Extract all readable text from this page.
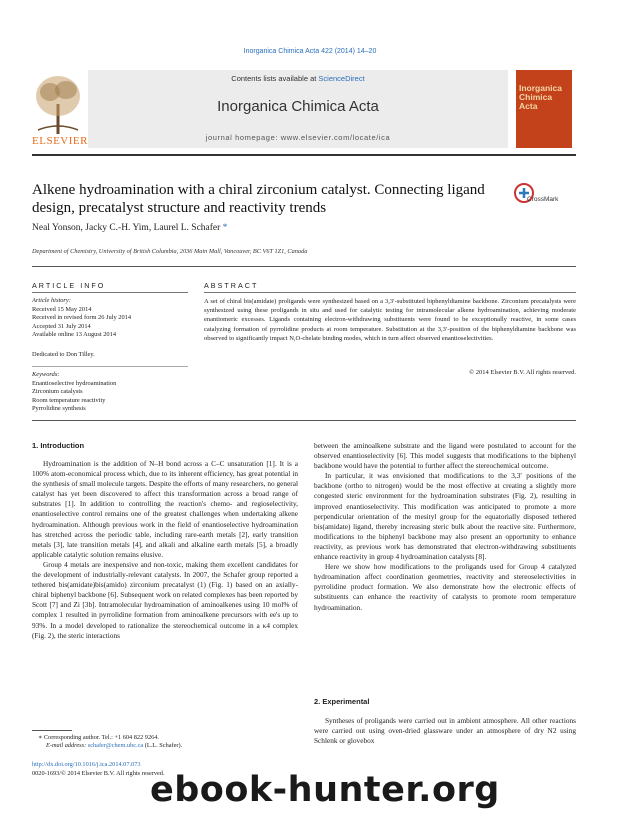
Inorganica Chimica Acta 422 (2014) 14–20
Contents lists available at ScienceDirect
Inorganica Chimica Acta
journal homepage: www.elsevier.com/locate/ica
ELSEVIER
Inorganica Chimica Acta
Alkene hydroamination with a chiral zirconium catalyst. Connecting ligand design, precatalyst structure and reactivity trends
CrossMark
Neal Yonson, Jacky C.-H. Yim, Laurel L. Schafer *
Department of Chemistry, University of British Columbia, 2036 Main Mall, Vancouver, BC V6T 1Z1, Canada
ARTICLE INFO
Article history:
Received 15 May 2014
Received in revised form 26 July 2014
Accepted 31 July 2014
Available online 13 August 2014
Dedicated to Don Tilley.
Keywords:
Enantioselective hydroamination
Zirconium catalysts
Room temperature reactivity
Pyrrolidine synthesis
ABSTRACT
A set of chiral bis(amidate) proligands were synthesized based on a 3,3′-substituted biphenyldiamine backbone. Zirconium precatalysts were synthesized using these proligands in situ and used for catalytic testing for intramolecular alkene hydroamination, achieving moderate enantiomeric excesses. Ligands containing electron-withdrawing substituents were found to be exceptionally reactive, in some cases catalyzing formation of pyrrolidine products at room temperature. Substitution at the 3,3′-position of the biphenyldiamine backbone was observed to significantly impact N,O-chelate binding modes, which in turn affect observed enantioselectivities.
© 2014 Elsevier B.V. All rights reserved.
1. Introduction

Hydroamination is the addition of N–H bond across a C–C unsaturation [1]. It is a 100% atom-economical process which, due to its inherent efficiency, has great potential in the synthesis of small molecule targets. Despite the efforts of many researchers, no general catalyst has yet been discovered to affect this transformation across a broad range of substrates [1]. In addition to controlling the reaction's chemo- and regioselectivity, enantioselective control remains one of the greatest challenges when undertaking alkene hydroamination. Although previous work in the field of enantioselective hydroamination has stretched across the periodic table, including rare-earth metals [2], early transition metals [3], late transition metals [4], and alkali and alkaline earth metals [5], a broadly applicable catalytic solution remains elusive.

Group 4 metals are inexpensive and non-toxic, making them excellent candidates for the development of industrially-relevant catalysts. In 2007, the Schafer group reported a tethered bis(amidate)bis(amido) zirconium precatalyst (1) (Fig. 1) based on an axially-chiral biphenyl backbone [6]. Subsequent work on related complexes has been reported by Scott [7] and Zi [3b]. Intramolecular hydroamination of aminoalkenes using 10 mol% of complex 1 resulted in pyrrolidine formation from aminoalkene precursors with ee's up to 93%. In a model developed to rationalize the stereochemical outcome in a κ4 complex (Fig. 2), the steric interactions

between the aminoalkene substrate and the ligand were postulated to account for the observed enantioselectivity [6]. This model suggests that modifications to the biphenyl backbone would have the potential to further affect the stereochemical outcome.

In particular, it was envisioned that modifications to the 3,3′ positions of the backbone (ortho to nitrogen) would be the most effective at creating a slightly more congested steric environment for the hydroamination substrates (Fig. 2), resulting in improved enantioselectivity. This modification was anticipated to promote a more perpendicular orientation of the mesityl group for the equatorially disposed tethered bis(amidate) ligand, thereby increasing steric bulk about the reactive site. Furthermore, modifications to the biphenyl backbone may also present an opportunity to enhance reactivity, as previous work has demonstrated that electron-withdrawing substituents enhance reactivity in group 4 hydroamination catalysts [8].

Here we show how modifications to the proligands used for Group 4 catalyzed hydroamination affect coordination geometries, reactivity and stereoselectivities in pyrrolidine product formation. We also demonstrate how the electronic effects of substituents can enhance the reactivity of catalysts to promote room temperature hydroamination.

2. Experimental

Syntheses of proligands were carried out in ambient atmosphere. All other reactions were carried out using oven-dried glassware under an atmosphere of dry N2 using Schlenk or glovebox

∗ Corresponding author. Tel.: +1 604 822 9264.
E-mail address: schafer@chem.ubc.ca (L.L. Schafer).
http://dx.doi.org/10.1016/j.ica.2014.07.073
0020-1693/© 2014 Elsevier B.V. All rights reserved.
ebook-hunter.org
